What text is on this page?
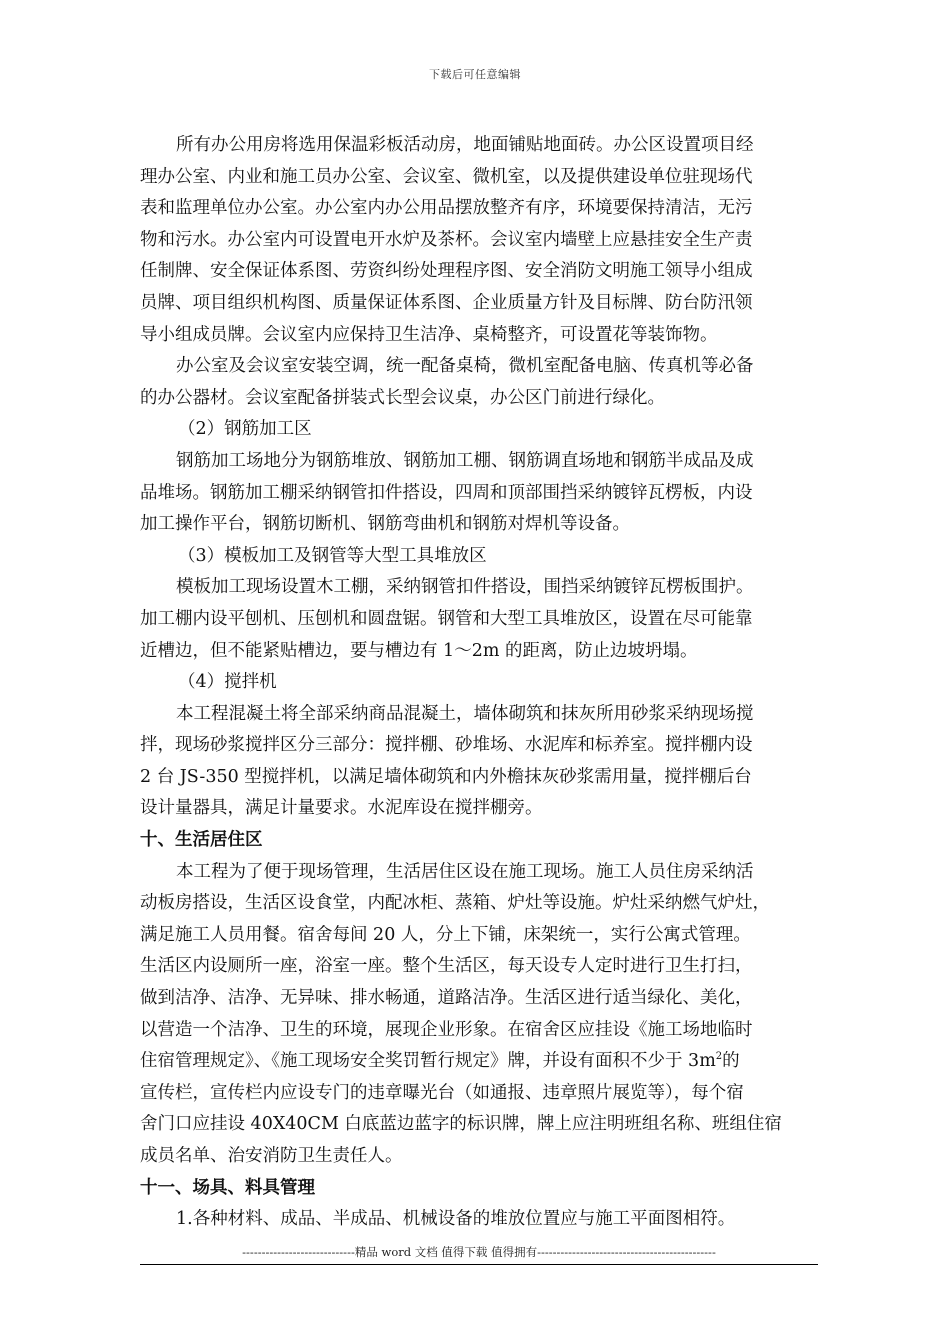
下载后可任意编辑
所有办公用房将选用保温彩板活动房，地面铺贴地面砖。办公区设置项目经
理办公室、内业和施工员办公室、会议室、微机室，以及提供建设单位驻现场代
表和监理单位办公室。办公室内办公用品摆放整齐有序，环境要保持清洁，无污
物和污水。办公室内可设置电开水炉及茶杯。会议室内墙壁上应悬挂安全生产责
任制牌、安全保证体系图、劳资纠纷处理程序图、安全消防文明施工领导小组成
员牌、项目组织机构图、质量保证体系图、企业质量方针及目标牌、防台防汛领
导小组成员牌。会议室内应保持卫生洁净、桌椅整齐，可设置花等装饰物。
办公室及会议室安装空调，统一配备桌椅，微机室配备电脑、传真机等必备
的办公器材。会议室配备拼装式长型会议桌，办公区门前进行绿化。
（2）钢筋加工区
钢筋加工场地分为钢筋堆放、钢筋加工棚、钢筋调直场地和钢筋半成品及成
品堆场。钢筋加工棚采纳钢管扣件搭设，四周和顶部围挡采纳镀锌瓦楞板，内设
加工操作平台，钢筋切断机、钢筋弯曲机和钢筋对焊机等设备。
（3）模板加工及钢管等大型工具堆放区
模板加工现场设置木工棚，采纳钢管扣件搭设，围挡采纳镀锌瓦楞板围护。
加工棚内设平刨机、压刨机和圆盘锯。钢管和大型工具堆放区，设置在尽可能靠
近槽边，但不能紧贴槽边，要与槽边有 1～2m 的距离，防止边坡坍塌。
（4）搅拌机
本工程混凝土将全部采纳商品混凝土，墙体砌筑和抹灰所用砂浆采纳现场搅
拌，现场砂浆搅拌区分三部分：搅拌棚、砂堆场、水泥库和标养室。搅拌棚内设
2 台 JS-350 型搅拌机，以满足墙体砌筑和内外檐抹灰砂浆需用量，搅拌棚后台
设计量器具，满足计量要求。水泥库设在搅拌棚旁。
十、生活居住区
本工程为了便于现场管理，生活居住区设在施工现场。施工人员住房采纳活
动板房搭设，生活区设食堂，内配冰柜、蒸箱、炉灶等设施。炉灶采纳燃气炉灶，
满足施工人员用餐。宿舍每间 20 人，分上下铺，床架统一，实行公寓式管理。
生活区内设厕所一座，浴室一座。整个生活区，每天设专人定时进行卫生打扫，
做到洁净、洁净、无异味、排水畅通，道路洁净。生活区进行适当绿化、美化，
以营造一个洁净、卫生的环境，展现企业形象。在宿舍区应挂设《施工场地临时
住宿管理规定》、《施工现场安全奖罚暂行规定》牌，并设有面积不少于 $3m^2$的
宣传栏，宣传栏内应设专门的违章曝光台（如通报、违章照片展览等），每个宿
舍门口应挂设 40X40CM 白底蓝边蓝字的标识牌，牌上应注明班组名称、班组住宿
成员名单、治安消防卫生责任人。
十一、场具、料具管理
1.各种材料、成品、半成品、机械设备的堆放位置应与施工平面图相符。
-----------------------------精品 word 文档 值得下载 值得拥有----------------------------------------------
